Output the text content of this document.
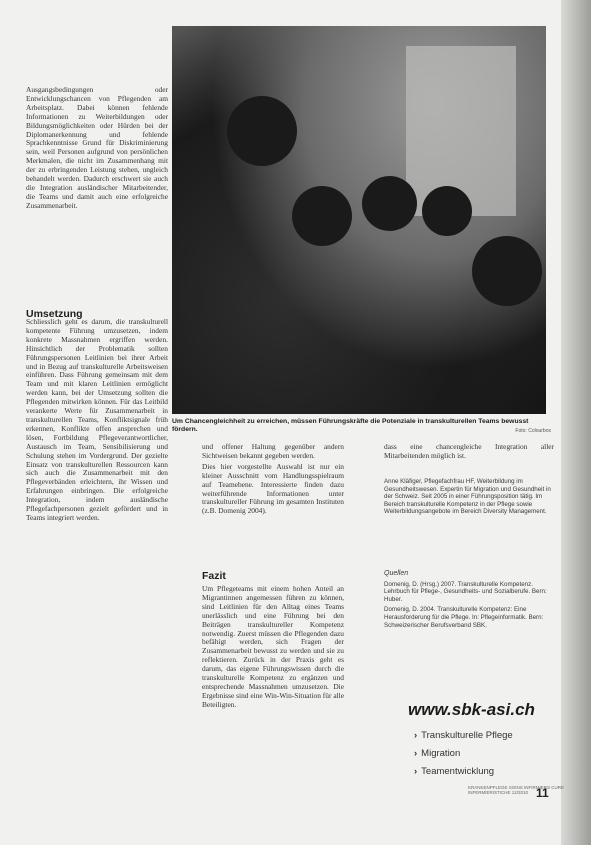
Ausgangsbedingungen oder Entwicklungschancen von Pflegenden am Arbeitsplatz. Dabei können fehlende Informationen zu Weiterbildungen oder Bildungsmöglichkeiten oder Hürden bei der Diplomanerkennung und fehlende Sprachkenntnisse Grund für Diskriminierung sein, weil Personen aufgrund von persönlichen Merkmalen, die nicht im Zusammenhang mit der zu erbringenden Leistung stehen, ungleich behandelt werden. Dadurch erschwert sie auch die Integration ausländischer Mitarbeitender, die Teams und damit auch eine erfolgreiche Zusammenarbeit.

Umsetzung

Schliesslich geht es darum, die transkulturell kompetente Führung umzusetzen, indem konkrete Massnahmen ergriffen werden. Hinsichtlich der Problematik sollten Führungspersonen Leitlinien bei ihrer Arbeit und in Bezug auf transkulturelle Arbeitsweisen einführen. Dass Führung gemeinsam mit dem Team und mit klaren Leitlinien ermöglicht werden kann, bei der Umsetzung sollten die Pflegenden mitwirken können. Für das Leitbild verankerte Werte für Zusammenarbeit in transkulturellen Teams, Konfliktsignale früh erkennen, Konflikte offen ansprechen und lösen, Fortbildung Pflegeverantwortlicher, Austausch im Team, Sensibilisierung und Schulung stehen im Vordergrund. Der gezielte Einsatz von transkulturellen Ressourcen kann sich auch die Zusammenarbeit mit den Pflegeverbänden erleichtern, ihr Wissen und Erfahrungen einbringen. Die erfolgreiche Integration, indem ausländische Pflegefachpersonen gezielt gefördert und in Teams integriert werden.

Um Chancengleichheit zu erreichen, müssen Führungskräfte die Potenziale in transkulturellen Teams bewusst fördern.	Foto: Colourbox

und offener Haltung gegenüber andern Sichtweisen bekannt gegeben werden.

Dies hier vorgestellte Auswahl ist nur ein kleiner Ausschnitt vom Handlungsspielraum auf Teamebene. Interessierte finden dazu weiterführende Informationen unter transkultureller Führung im gesamten Instituten (z.B. Domenig 2004).

Fazit

Um Pflegeteams mit einem hohen Anteil an Migrantinnen angemessen führen zu können, sind Leitlinien für den Alltag eines Teams unerlässlich und eine Führung bei den Beiträgen transkultureller Kompetenz notwendig. Zuerst müssen die Pflegenden dazu befähigt werden, sich Fragen der Zusammenarbeit bewusst zu werden und sie zu reflektieren. Zurück in der Praxis geht es darum, das eigene Führungswissen durch die transkulturelle Kompetenz zu ergänzen und entsprechende Massnahmen umzusetzen. Die Ergebnisse sind eine Win-Win-Situation für alle Beteiligten.

dass eine chancengleiche Integration aller Mitarbeitenden möglich ist.

Anne Kläfiger, Pflegefachfrau HF, Weiterbildung im Gesundheitswesen. Expertin für Migration und Gesundheit in der Schweiz. Seit 2005 in einer Führungsposition tätig. Im Bereich transkulturelle Kompetenz in der Pflege sowie Weiterbildungsangebote im Bereich Diversity Management.
Quellen

Domenig, D. (Hrsg.) 2007. Transkulturelle Kompetenz. Lehrbuch für Pflege-, Gesundheits- und Sozialberufe. Bern: Huber.

Domenig, D. 2004. Transkulturelle Kompetenz: Eine Herausforderung für die Pflege. In: Pflegeinformatik. Bern: Schweizerischer Berufsverband SBK.

www.sbk-asi.ch
› Transkulturelle Pflege
› Migration
› Teamentwicklung
KRANKENPFLEGE SOINS INFIRMIERS CURE INFERMIERISTICHE 12/2010 11
